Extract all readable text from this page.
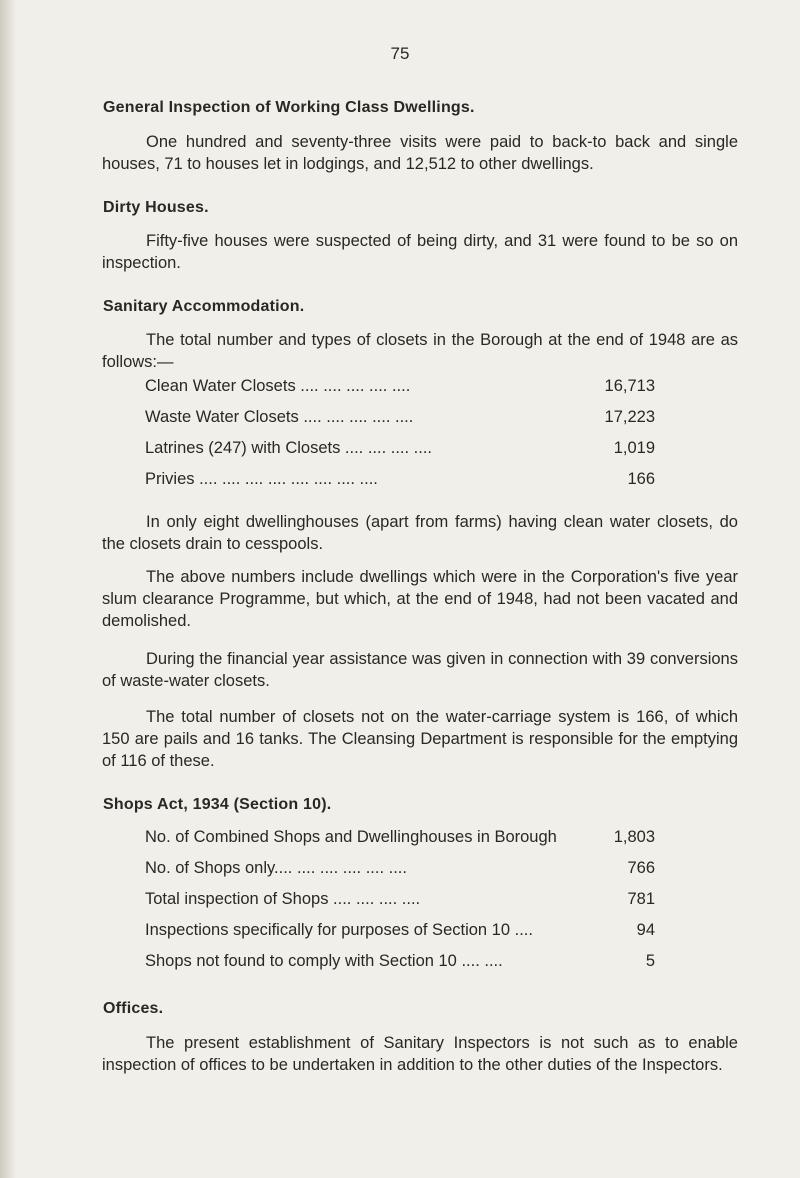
75
General Inspection of Working Class Dwellings.

One hundred and seventy-three visits were paid to back-to back and single houses, 71 to houses let in lodgings, and 12,512 to other dwellings.

Dirty Houses.

Fifty-five houses were suspected of being dirty, and 31 were found to be so on inspection.

Sanitary Accommodation.

The total number and types of closets in the Borough at the end of 1948 are as follows:—

Clean Water Closets .... .... .... .... ....	16,713
Waste Water Closets .... .... .... .... ....	17,223
Latrines (247) with Closets .... .... .... ....	1,019
Privies .... .... .... .... .... .... .... ....	166

In only eight dwellinghouses (apart from farms) having clean water closets, do the closets drain to cesspools.

The above numbers include dwellings which were in the Corporation's five year slum clearance Programme, but which, at the end of 1948, had not been vacated and demolished.

During the financial year assistance was given in connection with 39 conversions of waste-water closets.

The total number of closets not on the water-carriage system is 166, of which 150 are pails and 16 tanks. The Cleansing Department is responsible for the emptying of 116 of these.

Shops Act, 1934 (Section 10).
No. of Combined Shops and Dwellinghouses in Borough	1,803
No. of Shops only.... .... .... .... .... ....	766
Total inspection of Shops .... .... .... ....	781
Inspections specifically for purposes of Section 10 ....	94
Shops not found to comply with Section 10 .... ....	5
Offices.

The present establishment of Sanitary Inspectors is not such as to enable inspection of offices to be undertaken in addition to the other duties of the Inspectors.
